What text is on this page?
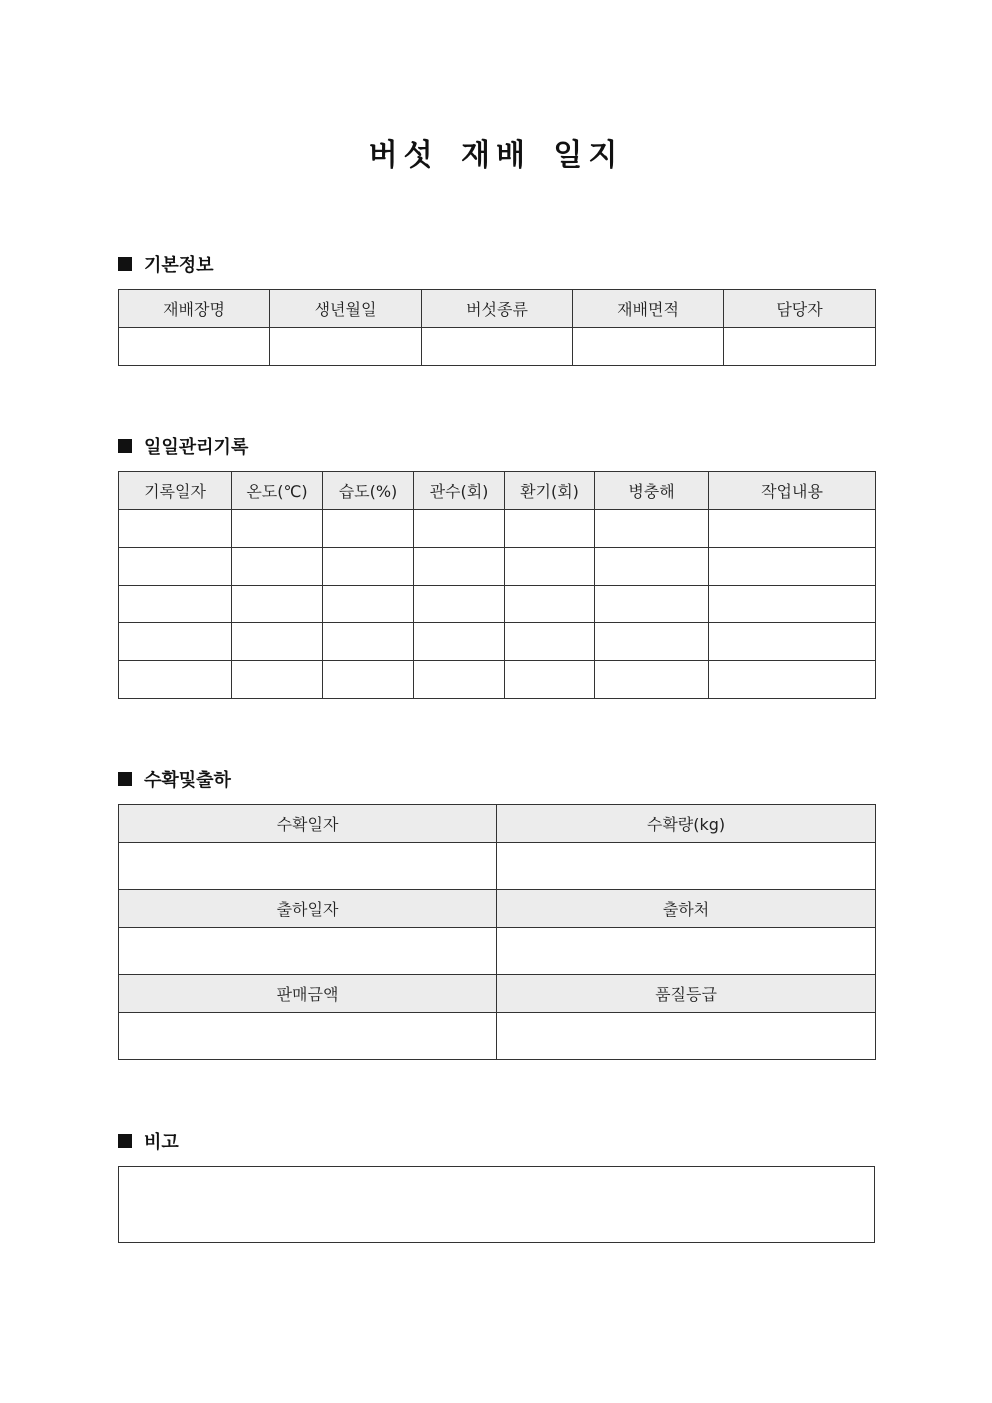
버섯 재배 일지
기본정보
재배장명	생년월일	버섯종류	재배면적	담당자

일일관리기록
기록일자	온도(℃)	습도(%)	관수(회)	환기(회)	병충해	작업내용

수확및출하
수확일자	수확량(kg)

출하일자	출하처

판매금액	품질등급

비고
